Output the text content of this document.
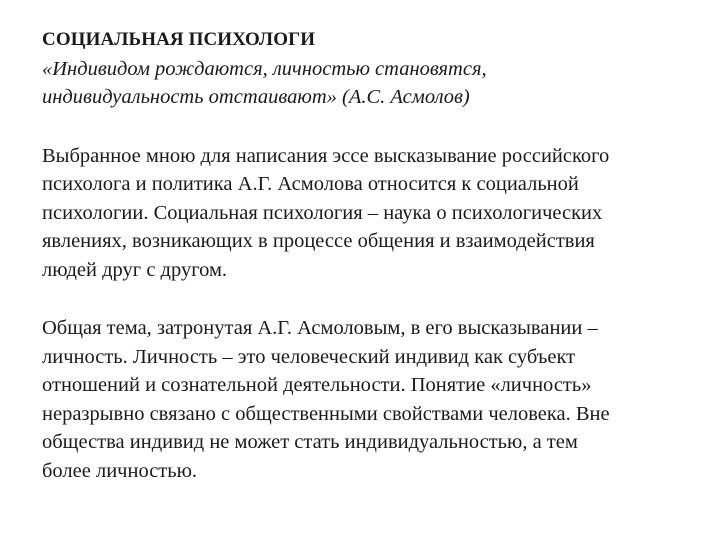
СОЦИАЛЬНАЯ ПСИХОЛОГИ
«Индивидом рождаются, личностью становятся,
индивидуальность отстаивают» (А.С. Асмолов)
Выбранное мною для написания эссе высказывание российского
психолога и политика А.Г. Асмолова относится к социальной
психологии. Социальная психология – наука о психологических
явлениях, возникающих в процессе общения и взаимодействия
людей друг с другом.
Общая тема, затронутая А.Г. Асмоловым, в его высказывании –
личность. Личность – это человеческий индивид как субъект
отношений и сознательной деятельности. Понятие «личность»
неразрывно связано с общественными свойствами человека. Вне
общества индивид не может стать индивидуальностью, а тем
более личностью.
